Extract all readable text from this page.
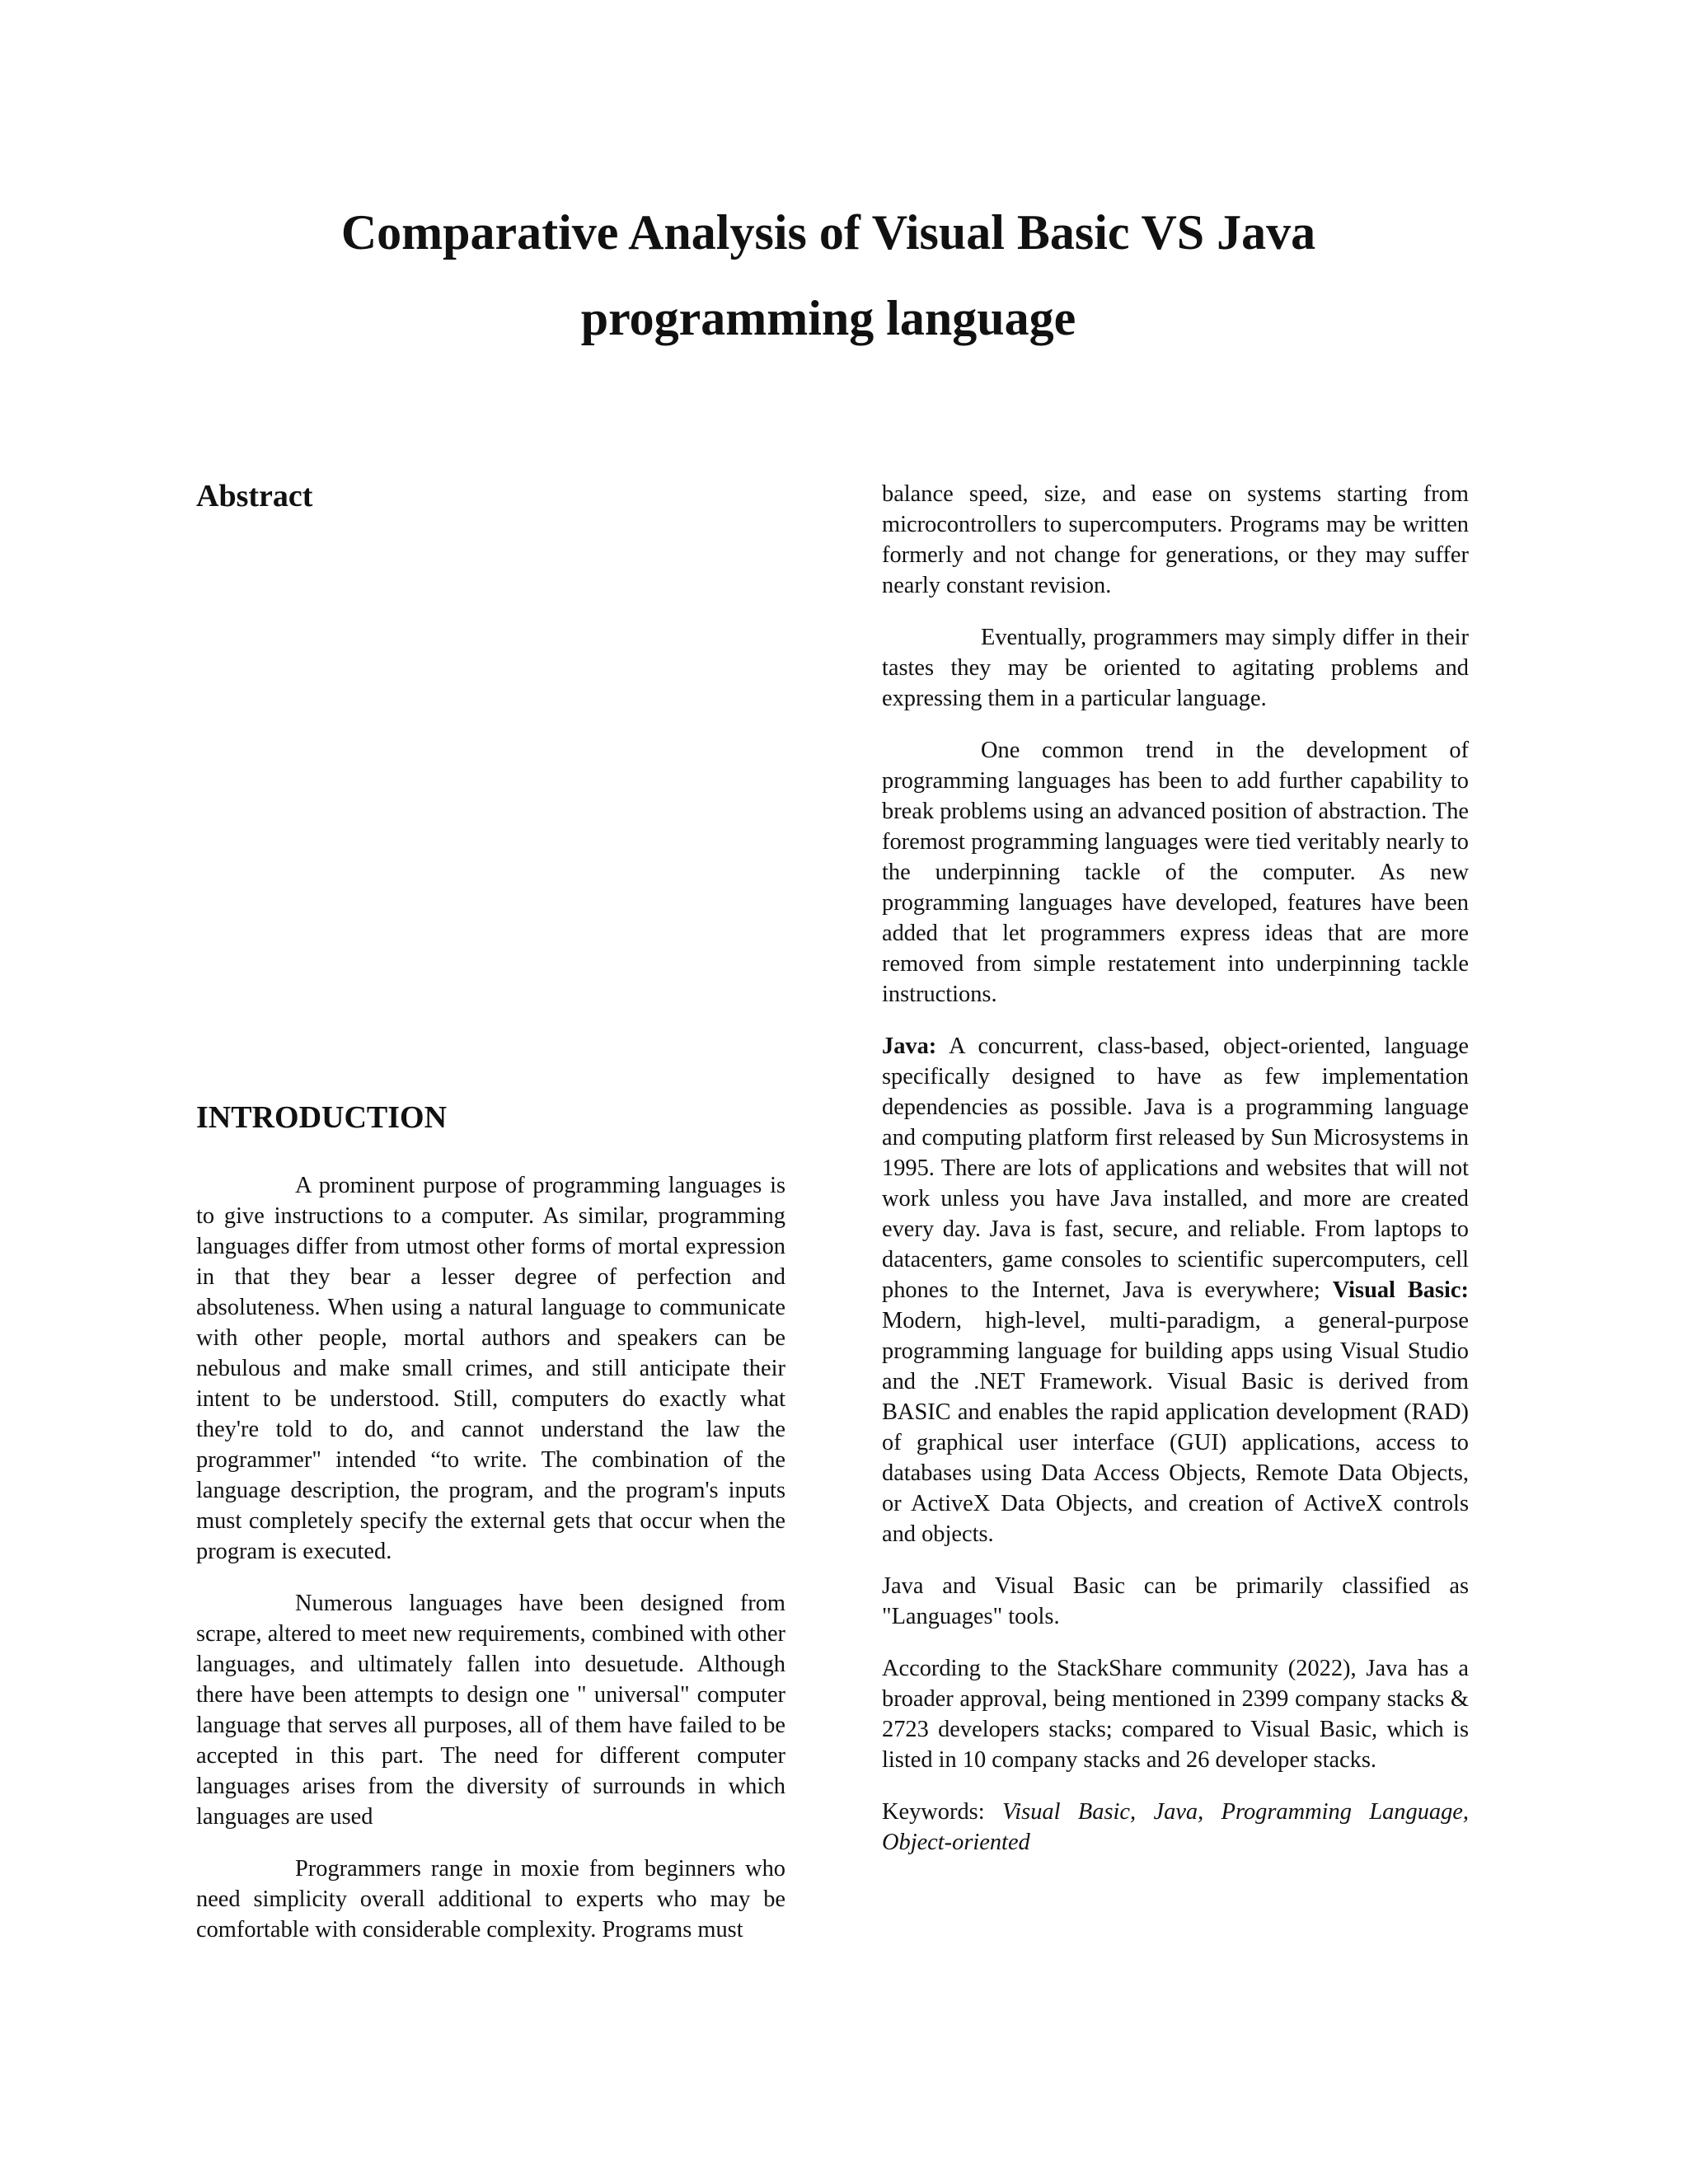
Comparative Analysis of Visual Basic VS Java
programming language
Abstract
INTRODUCTION

A prominent purpose of programming languages is to give instructions to a computer. As similar, programming languages differ from utmost other forms of mortal expression in that they bear a lesser degree of perfection and absoluteness. When using a natural language to communicate with other people, mortal authors and speakers can be nebulous and make small crimes, and still anticipate their intent to be understood. Still, computers do exactly what they're told to do, and cannot understand the law the programmer" intended “to write. The combination of the language description, the program, and the program's inputs must completely specify the external gets that occur when the program is executed.

Numerous languages have been designed from scrape, altered to meet new requirements, combined with other languages, and ultimately fallen into desuetude. Although there have been attempts to design one " universal" computer language that serves all purposes, all of them have failed to be accepted in this part. The need for different computer languages arises from the diversity of surrounds in which languages are used

Programmers range in moxie from beginners who need simplicity overall additional to experts who may be comfortable with considerable complexity. Programs must

balance speed, size, and ease on systems starting from microcontrollers to supercomputers. Programs may be written formerly and not change for generations, or they may suffer nearly constant revision.

Eventually, programmers may simply differ in their tastes they may be oriented to agitating problems and expressing them in a particular language.

One common trend in the development of programming languages has been to add further capability to break problems using an advanced position of abstraction. The foremost programming languages were tied veritably nearly to the underpinning tackle of the computer. As new programming languages have developed, features have been added that let programmers express ideas that are more removed from simple restatement into underpinning tackle instructions.

Java: A concurrent, class-based, object-oriented, language specifically designed to have as few implementation dependencies as possible. Java is a programming language and computing platform first released by Sun Microsystems in 1995. There are lots of applications and websites that will not work unless you have Java installed, and more are created every day. Java is fast, secure, and reliable. From laptops to datacenters, game consoles to scientific supercomputers, cell phones to the Internet, Java is everywhere; Visual Basic: Modern, high-level, multi-paradigm, a general-purpose programming language for building apps using Visual Studio and the .NET Framework. Visual Basic is derived from BASIC and enables the rapid application development (RAD) of graphical user interface (GUI) applications, access to databases using Data Access Objects, Remote Data Objects, or ActiveX Data Objects, and creation of ActiveX controls and objects.

Java and Visual Basic can be primarily classified as "Languages" tools.

According to the StackShare community (2022), Java has a broader approval, being mentioned in 2399 company stacks & 2723 developers stacks; compared to Visual Basic, which is listed in 10 company stacks and 26 developer stacks.

Keywords: Visual Basic, Java, Programming Language, Object-oriented
